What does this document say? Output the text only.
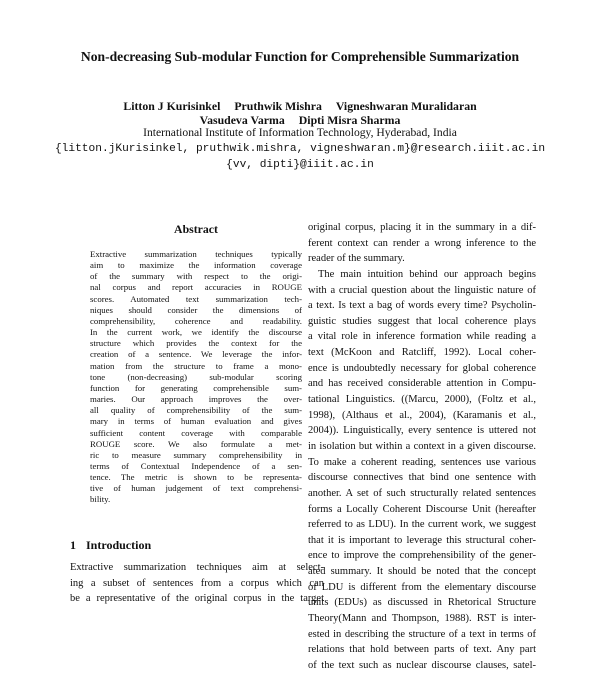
Non-decreasing Sub-modular Function for Comprehensible Summarization
Litton J Kurisinkel Pruthwik Mishra Vigneshwaran Muralidaran
Vasudeva Varma Dipti Misra Sharma
International Institute of Information Technology, Hyderabad, India
{litton.jKurisinkel, pruthwik.mishra, vigneshwaran.m}@research.iiit.ac.in
{vv, dipti}@iiit.ac.in
Abstract
Extractive summarization techniques typically
aim to maximize the information coverage
of the summary with respect to the origi-
nal corpus and report accuracies in ROUGE
scores. Automated text summarization tech-
niques should consider the dimensions of
comprehensibility, coherence and readability.
In the current work, we identify the discourse
structure which provides the context for the
creation of a sentence. We leverage the infor-
mation from the structure to frame a mono-
tone (non-decreasing) sub-modular scoring
function for generating comprehensible sum-
maries. Our approach improves the over-
all quality of comprehensibility of the sum-
mary in terms of human evaluation and gives
sufficient content coverage with comparable
ROUGE score. We also formulate a met-
ric to measure summary comprehensibility in
terms of Contextual Independence of a sen-
tence. The metric is shown to be representa-
tive of human judgement of text comprehensi-
bility.
1 Introduction
Extractive summarization techniques aim at select-
ing a subset of sentences from a corpus which can
be a representative of the original corpus in the target
original corpus, placing it in the summary in a dif-
ferent context can render a wrong inference to the
reader of the summary.
The main intuition behind our approach begins
with a crucial question about the linguistic nature of
a text. Is text a bag of words every time? Psycholin-
guistic studies suggest that local coherence plays
a vital role in inference formation while reading a
text (McKoon and Ratcliff, 1992). Local coher-
ence is undoubtedly necessary for global coherence
and has received considerable attention in Compu-
tational Linguistics. ((Marcu, 2000), (Foltz et al.,
1998), (Althaus et al., 2004), (Karamanis et al.,
2004)). Linguistically, every sentence is uttered not
in isolation but within a context in a given discourse.
To make a coherent reading, sentences use various
discourse connectives that bind one sentence with
another. A set of such structurally related sentences
forms a Locally Coherent Discourse Unit (hereafter
referred to as LDU). In the current work, we suggest
that it is important to leverage this structural coher-
ence to improve the comprehensibility of the gener-
ated summary. It should be noted that the concept
of LDU is different from the elementary discourse
units (EDUs) as discussed in Rhetorical Structure
Theory(Mann and Thompson, 1988). RST is inter-
ested in describing the structure of a text in terms of
relations that hold between parts of text. Any part
of the text such as nuclear discourse clauses, satel-
